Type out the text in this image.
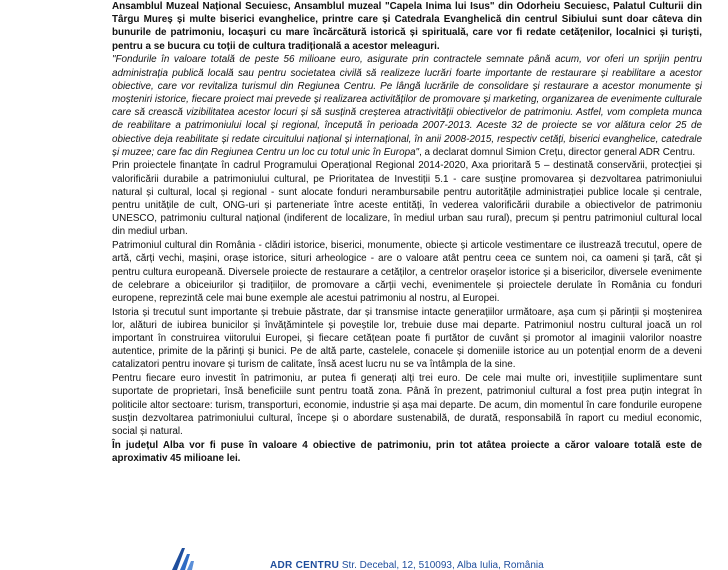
Ansamblul Muzeal Național Secuiesc, Ansamblul muzeal "Capela Inima lui Isus" din Odorheiu Secuiesc, Palatul Culturii din Târgu Mureș și multe biserici evanghelice, printre care și Catedrala Evanghelică din centrul Sibiului sunt doar câteva din bunurile de patrimoniu, locașuri cu mare încărcătură istorică și spirituală, care vor fi redate cetățenilor, localnici și turiști, pentru a se bucura cu toții de cultura tradițională a acestor meleaguri.

"Fondurile în valoare totală de peste 56 milioane euro, asigurate prin contractele semnate până acum, vor oferi un sprijin pentru administrația publică locală sau pentru societatea civilă să realizeze lucrări foarte importante de restaurare și reabilitare a acestor obiective, care vor revitaliza turismul din Regiunea Centru. Pe lângă lucrările de consolidare și restaurare a acestor monumente și moșteniri istorice, fiecare proiect mai prevede și realizarea activităților de promovare și marketing, organizarea de evenimente culturale care să crească vizibilitatea acestor locuri și să susțină creșterea atractivității obiectivelor de patrimoniu. Astfel, vom completa munca de reabilitare a patrimoniului local și regional, începută în perioada 2007-2013. Aceste 32 de proiecte se vor alătura celor 25 de obiective deja reabilitate și redate circuitului național și internațional, în anii 2008-2015, respectiv cetăți, biserici evanghelice, catedrale și muzee; care fac din Regiunea Centru un loc cu totul unic în Europa", a declarat domnul Simion Crețu, director general ADR Centru.

Prin proiectele finanțate în cadrul Programului Operațional Regional 2014-2020, Axa prioritară 5 – destinată conservării, protecției și valorificării durabile a patrimoniului cultural, pe Prioritatea de Investiții 5.1 - care susține promovarea și dezvoltarea patrimoniului natural și cultural, local și regional - sunt alocate fonduri nerambursabile pentru autoritățile administrației publice locale și centrale, pentru unitățile de cult, ONG-uri și parteneriate între aceste entități, în vederea valorificării durabile a obiectivelor de patrimoniu UNESCO, patrimoniu cultural național (indiferent de localizare, în mediul urban sau rural), precum și pentru patrimoniul cultural local din mediul urban.

Patrimoniul cultural din România - clădiri istorice, biserici, monumente, obiecte și articole vestimentare ce ilustrează trecutul, opere de artă, cărți vechi, mașini, orașe istorice, situri arheologice - are o valoare atât pentru ceea ce suntem noi, ca oameni și țară, cât și pentru cultura europeană. Diversele proiecte de restaurare a cetăților, a centrelor orașelor istorice și a bisericilor, diversele evenimente de celebrare a obiceiurilor și tradițiilor, de promovare a cărții vechi, evenimentele și proiectele derulate în România cu fonduri europene, reprezintă cele mai bune exemple ale acestui patrimoniu al nostru, al Europei.

Istoria și trecutul sunt importante și trebuie păstrate, dar și transmise intacte generațiilor următoare, așa cum și părinții și moștenirea lor, alături de iubirea bunicilor și învățămintele și poveștile lor, trebuie duse mai departe. Patrimoniul nostru cultural joacă un rol important în construirea viitorului Europei, și fiecare cetățean poate fi purtător de cuvânt și promotor al imaginii valorilor noastre autentice, primite de la părinți și bunici. Pe de altă parte, castelele, conacele și domeniile istorice au un potențial enorm de a deveni catalizatori pentru inovare și turism de calitate, însă acest lucru nu se va întâmpla de la sine.

Pentru fiecare euro investit în patrimoniu, ar putea fi generați alți trei euro. De cele mai multe ori, investițiile suplimentare sunt suportate de proprietari, însă beneficiile sunt pentru toată zona. Până în prezent, patrimoniul cultural a fost prea puțin integrat în politicile altor sectoare: turism, transporturi, economie, industrie și așa mai departe. De acum, din momentul în care fondurile europene susțin dezvoltarea patrimoniului cultural, începe și o abordare sustenabilă, de durată, responsabilă în raport cu mediul economic, social și natural.

În județul Alba vor fi puse în valoare 4 obiective de patrimoniu, prin tot atâtea proiecte a căror valoare totală este de aproximativ 45 milioane lei.

ADR CENTRU Str. Decebal, 12, 510093, Alba Iulia, România
